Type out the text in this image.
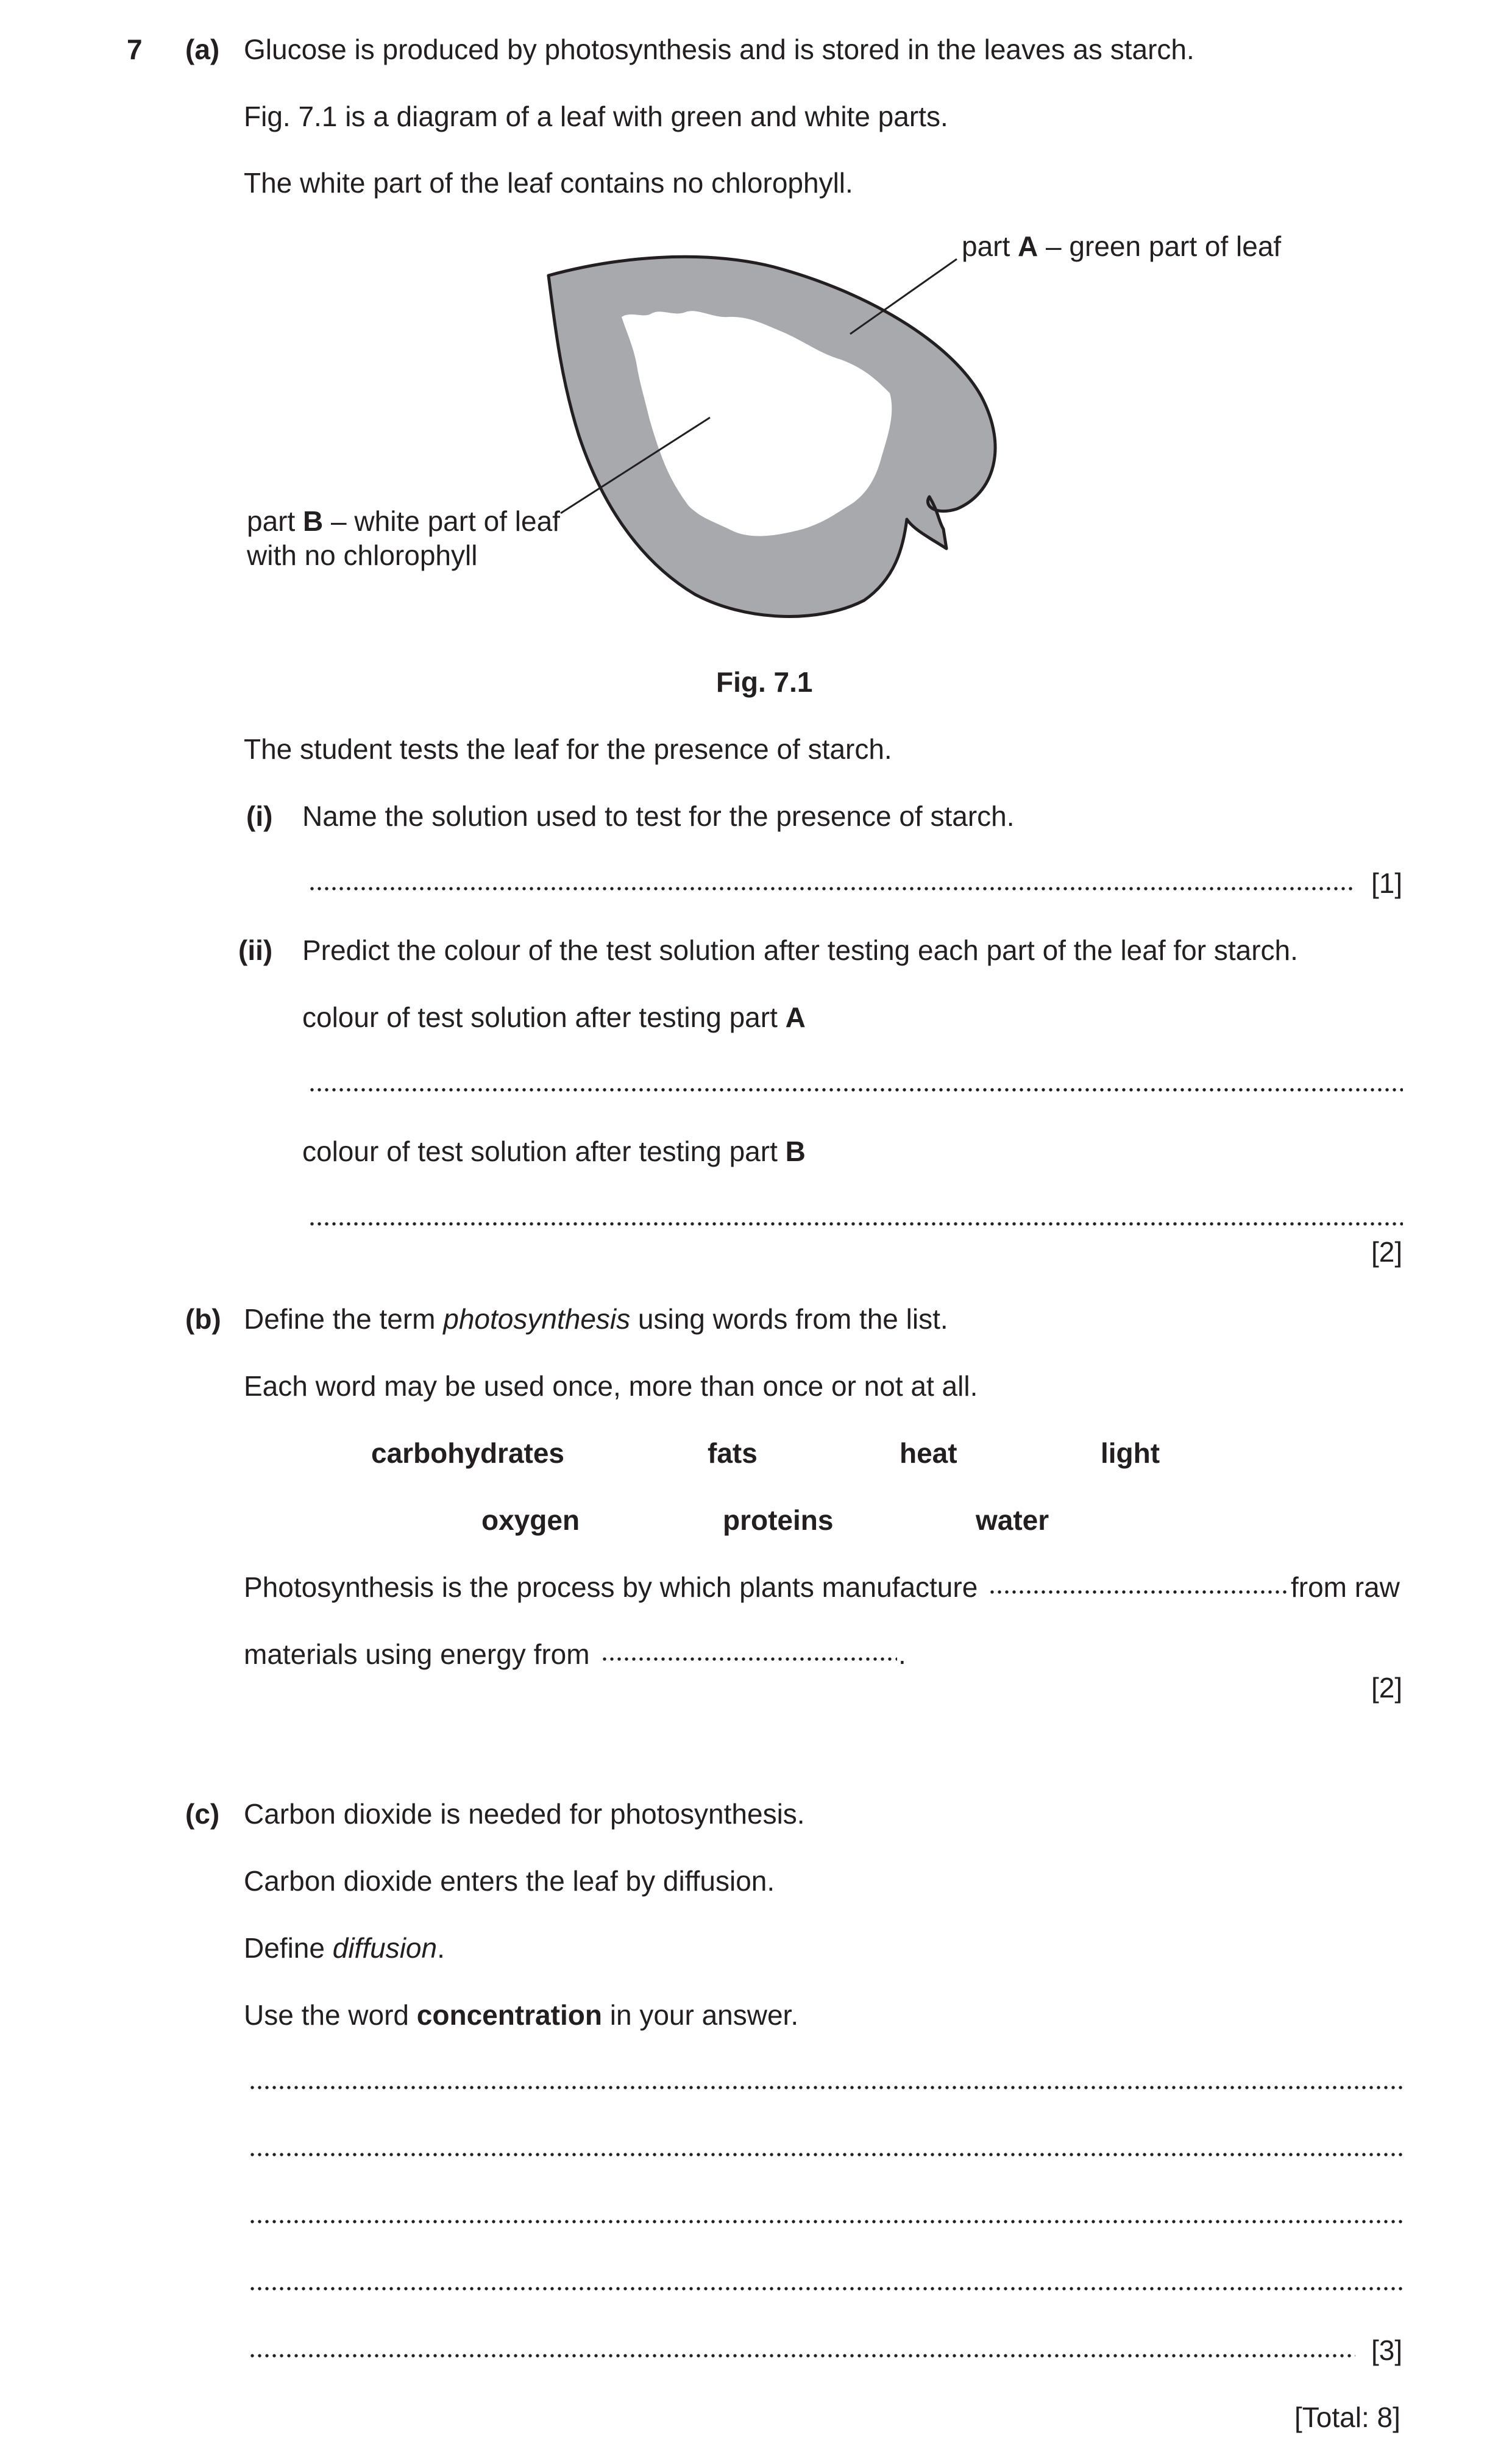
7 (a) Glucose is produced by photosynthesis and is stored in the leaves as starch.
Fig. 7.1 is a diagram of a leaf with green and white parts.
The white part of the leaf contains no chlorophyll.
part A – green part of leaf
part B – white part of leaf
with no chlorophyll
Fig. 7.1
The student tests the leaf for the presence of starch.
(i) Name the solution used to test for the presence of starch.
[1]
(ii) Predict the colour of the test solution after testing each part of the leaf for starch.
colour of test solution after testing part A
colour of test solution after testing part B
[2]
(b) Define the term photosynthesis using words from the list.
Each word may be used once, more than once or not at all.
carbohydrates	fats	heat	light
oxygen	proteins	water
Photosynthesis is the process by which plants manufacture	from raw
materials using energy from	.
[2]
(c) Carbon dioxide is needed for photosynthesis.
Carbon dioxide enters the leaf by diffusion.
Define diffusion.
Use the word concentration in your answer.
[3]
[Total: 8]
